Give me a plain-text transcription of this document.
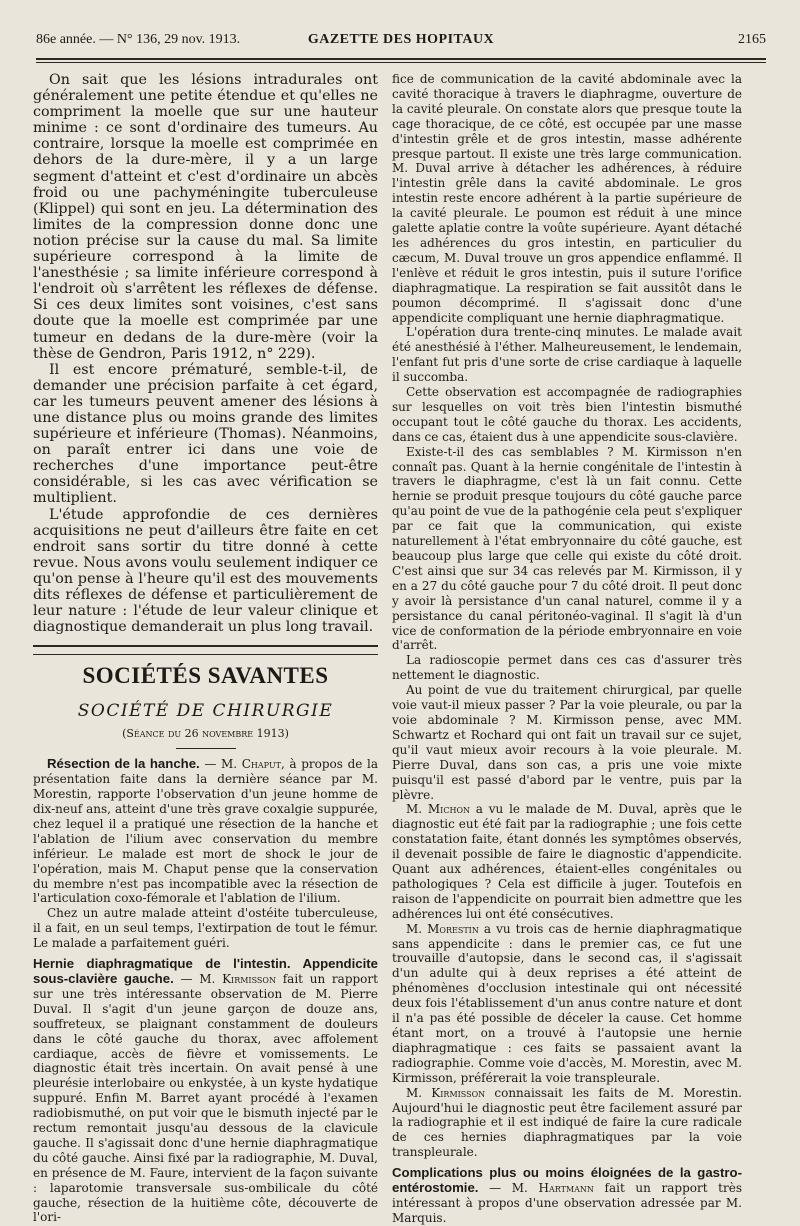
86e année. — N° 136, 29 nov. 1913.	GAZETTE DES HOPITAUX	2165

On sait que les lésions intradurales ont généralement une petite étendue et qu'elles ne compriment la moelle que sur une hauteur minime : ce sont d'ordinaire des tumeurs. Au contraire, lorsque la moelle est comprimée en dehors de la dure-mère, il y a un large segment d'atteint et c'est d'ordinaire un abcès froid ou une pachyméningite tuberculeuse (Klippel) qui sont en jeu. La détermination des limites de la compression donne donc une notion précise sur la cause du mal. Sa limite supérieure correspond à la limite de l'anesthésie ; sa limite inférieure correspond à l'endroit où s'arrêtent les réflexes de défense. Si ces deux limites sont voisines, c'est sans doute que la moelle est comprimée par une tumeur en dedans de la dure-mère (voir la thèse de Gendron, Paris 1912, n° 229).

Il est encore prématuré, semble-t-il, de demander une précision parfaite à cet égard, car les tumeurs peuvent amener des lésions à une distance plus ou moins grande des limites supérieure et inférieure (Thomas). Néanmoins, on paraît entrer ici dans une voie de recherches d'une importance peut-être considérable, si les cas avec vérification se multiplient.

L'étude approfondie de ces dernières acquisitions ne peut d'ailleurs être faite en cet endroit sans sortir du titre donné à cette revue. Nous avons voulu seulement indiquer ce qu'on pense à l'heure qu'il est des mouvements dits réflexes de défense et particulièrement de leur nature : l'étude de leur valeur clinique et diagnostique demanderait un plus long travail.

SOCIÉTÉS SAVANTES
SOCIÉTÉ DE CHIRURGIE
(Séance du 26 novembre 1913)

Résection de la hanche. — M. Chaput, à propos de la présentation faite dans la dernière séance par M. Morestin, rapporte l'observation d'un jeune homme de dix-neuf ans, atteint d'une très grave coxalgie suppurée, chez lequel il a pratiqué une résection de la hanche et l'ablation de l'ilium avec conservation du membre inférieur. Le malade est mort de shock le jour de l'opération, mais M. Chaput pense que la conservation du membre n'est pas incompatible avec la résection de l'articulation coxo-fémorale et l'ablation de l'ilium.

Chez un autre malade atteint d'ostéite tuberculeuse, il a fait, en un seul temps, l'extirpation de tout le fémur. Le malade a parfaitement guéri.

Hernie diaphragmatique de l'intestin. Appendicite sous-clavière gauche. — M. Kirmisson fait un rapport sur une très intéressante observation de M. Pierre Duval. Il s'agit d'un jeune garçon de douze ans, souffreteux, se plaignant constamment de douleurs dans le côté gauche du thorax, avec affolement cardiaque, accès de fièvre et vomissements. Le diagnostic était très incertain. On avait pensé à une pleurésie interlobaire ou enkystée, à un kyste hydatique suppuré. Enfin M. Barret ayant procédé à l'examen radiobismuthé, on put voir que le bismuth injecté par le rectum remontait jusqu'au dessous de la clavicule gauche. Il s'agissait donc d'une hernie diaphragmatique du côté gauche. Ainsi fixé par la radiographie, M. Duval, en présence de M. Faure, intervient de la façon suivante : laparotomie transversale sus-ombilicale du côté gauche, résection de la huitième côte, découverte de l'ori-

fice de communication de la cavité abdominale avec la cavité thoracique à travers le diaphragme, ouverture de la cavité pleurale. On constate alors que presque toute la cage thoracique, de ce côté, est occupée par une masse d'intestin grêle et de gros intestin, masse adhérente presque partout. Il existe une très large communication. M. Duval arrive à détacher les adhérences, à réduire l'intestin grêle dans la cavité abdominale. Le gros intestin reste encore adhérent à la partie supérieure de la cavité pleurale. Le poumon est réduit à une mince galette aplatie contre la voûte supérieure. Ayant détaché les adhérences du gros intestin, en particulier du cæcum, M. Duval trouve un gros appendice enflammé. Il l'enlève et réduit le gros intestin, puis il suture l'orifice diaphragmatique. La respiration se fait aussitôt dans le poumon décomprimé. Il s'agissait donc d'une appendicite compliquant une hernie diaphragmatique.

L'opération dura trente-cinq minutes. Le malade avait été anesthésié à l'éther. Malheureusement, le lendemain, l'enfant fut pris d'une sorte de crise cardiaque à laquelle il succomba.

Cette observation est accompagnée de radiographies sur lesquelles on voit très bien l'intestin bismuthé occupant tout le côté gauche du thorax. Les accidents, dans ce cas, étaient dus à une appendicite sous-clavière.

Existe-t-il des cas semblables ? M. Kirmisson n'en connaît pas. Quant à la hernie congénitale de l'intestin à travers le diaphragme, c'est là un fait connu. Cette hernie se produit presque toujours du côté gauche parce qu'au point de vue de la pathogénie cela peut s'expliquer par ce fait que la communication, qui existe naturellement à l'état embryonnaire du côté gauche, est beaucoup plus large que celle qui existe du côté droit. C'est ainsi que sur 34 cas relevés par M. Kirmisson, il y en a 27 du côté gauche pour 7 du côté droit. Il peut donc y avoir là persistance d'un canal naturel, comme il y a persistance du canal péritonéo-vaginal. Il s'agit là d'un vice de conformation de la période embryonnaire en voie d'arrêt.

La radioscopie permet dans ces cas d'assurer très nettement le diagnostic.

Au point de vue du traitement chirurgical, par quelle voie vaut-il mieux passer ? Par la voie pleurale, ou par la voie abdominale ? M. Kirmisson pense, avec MM. Schwartz et Rochard qui ont fait un travail sur ce sujet, qu'il vaut mieux avoir recours à la voie pleurale. M. Pierre Duval, dans son cas, a pris une voie mixte puisqu'il est passé d'abord par le ventre, puis par la plèvre.

M. Michon a vu le malade de M. Duval, après que le diagnostic eut été fait par la radiographie ; une fois cette constatation faite, étant donnés les symptômes observés, il devenait possible de faire le diagnostic d'appendicite. Quant aux adhérences, étaient-elles congénitales ou pathologiques ? Cela est difficile à juger. Toutefois en raison de l'appendicite on pourrait bien admettre que les adhérences lui ont été consécutives.

M. Morestin a vu trois cas de hernie diaphragmatique sans appendicite : dans le premier cas, ce fut une trouvaille d'autopsie, dans le second cas, il s'agissait d'un adulte qui à deux reprises a été atteint de phénomènes d'occlusion intestinale qui ont nécessité deux fois l'établissement d'un anus contre nature et dont il n'a pas été possible de déceler la cause. Cet homme étant mort, on a trouvé à l'autopsie une hernie diaphragmatique : ces faits se passaient avant la radiographie. Comme voie d'accès, M. Morestin, avec M. Kirmisson, préférerait la voie transpleurale.

M. Kirmisson connaissait les faits de M. Morestin. Aujourd'hui le diagnostic peut être facilement assuré par la radiographie et il est indiqué de faire la cure radicale de ces hernies diaphragmatiques par la voie transpleurale.

Complications plus ou moins éloignées de la gastro-entérostomie. — M. Hartmann fait un rapport très intéressant à propos d'une observation adressée par M. Marquis.
